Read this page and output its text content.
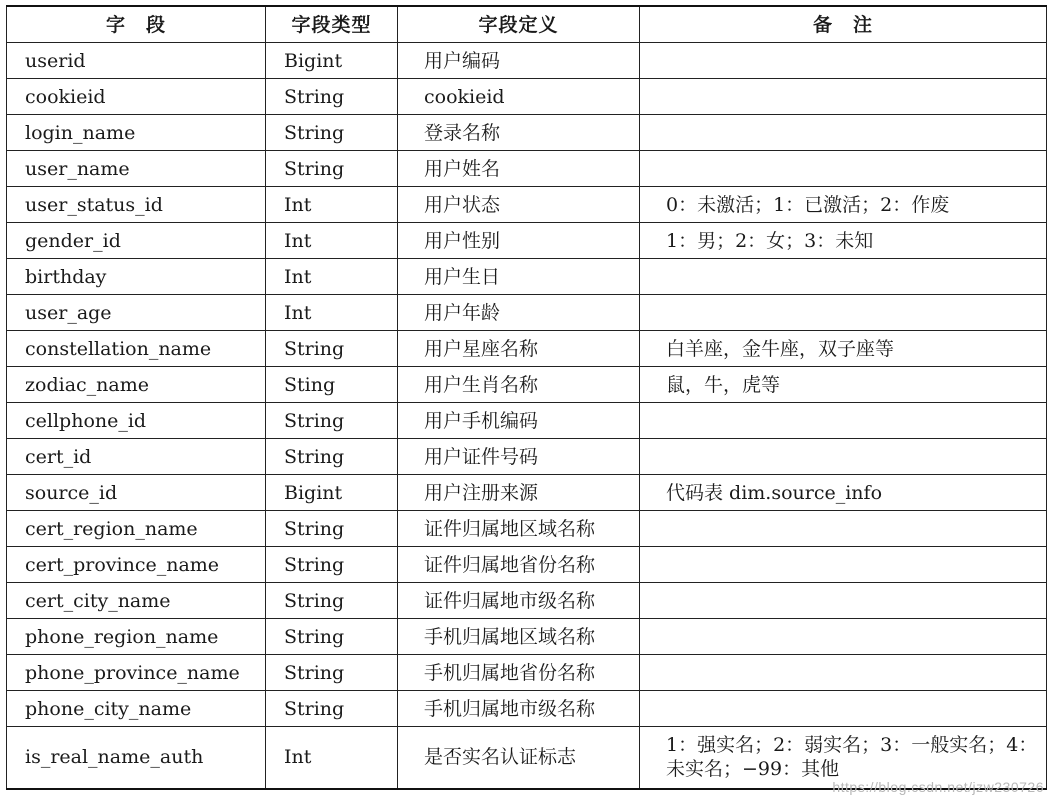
字　段	字段类型	字段定义	备　注
userid	Bigint	用户编码	
cookieid	String	cookieid	
login_name	String	登录名称	
user_name	String	用户姓名	
user_status_id	Int	用户状态	0：未激活；1：已激活；2：作废
gender_id	Int	用户性别	1：男；2：女；3：未知
birthday	Int	用户生日	
user_age	Int	用户年龄	
constellation_name	String	用户星座名称	白羊座，金牛座，双子座等
zodiac_name	Sting	用户生肖名称	鼠，牛，虎等
cellphone_id	String	用户手机编码	
cert_id	String	用户证件号码	
source_id	Bigint	用户注册来源	代码表 dim.source_info
cert_region_name	String	证件归属地区域名称	
cert_province_name	String	证件归属地省份名称	
cert_city_name	String	证件归属地市级名称	
phone_region_name	String	手机归属地区域名称	
phone_province_name	String	手机归属地省份名称	
phone_city_name	String	手机归属地市级名称	
is_real_name_auth	Int	是否实名认证标志	1：强实名；2：弱实名；3：一般实名；4：未实名；−99：其他
https://blog.csdn.net/jzw230726
